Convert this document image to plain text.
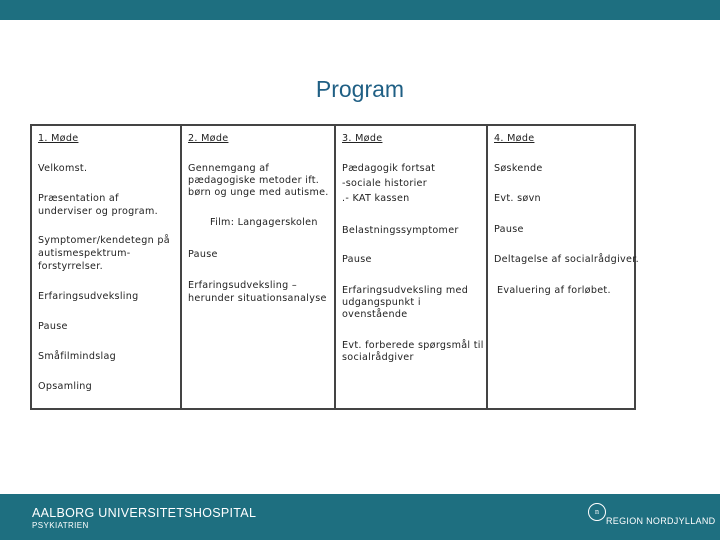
Program
1. Møde
Velkomst.
Præsentation af
underviser og program.
Symptomer/kendetegn på
autismespektrum-
forstyrrelser.
Erfaringsudveksling
Pause
Småfilmindslag
Opsamling
2. Møde
Gennemgang af
pædagogiske metoder ift.
børn og unge med autisme.
Film: Langagerskolen
Pause
Erfaringsudveksling –
herunder situationsanalyse
3. Møde
Pædagogik fortsat
-sociale historier
.- KAT kassen
Belastningssymptomer
Pause
Erfaringsudveksling med
udgangspunkt i
ovenstående
Evt. forberede spørgsmål til
socialrådgiver
4. Møde
Søskende
Evt. søvn
Pause
Deltagelse af socialrådgiver.
Evaluering af forløbet.
AALBORG UNIVERSITETSHOSPITAL
PSYKIATRIEN
n
REGION NORDJYLLAND
